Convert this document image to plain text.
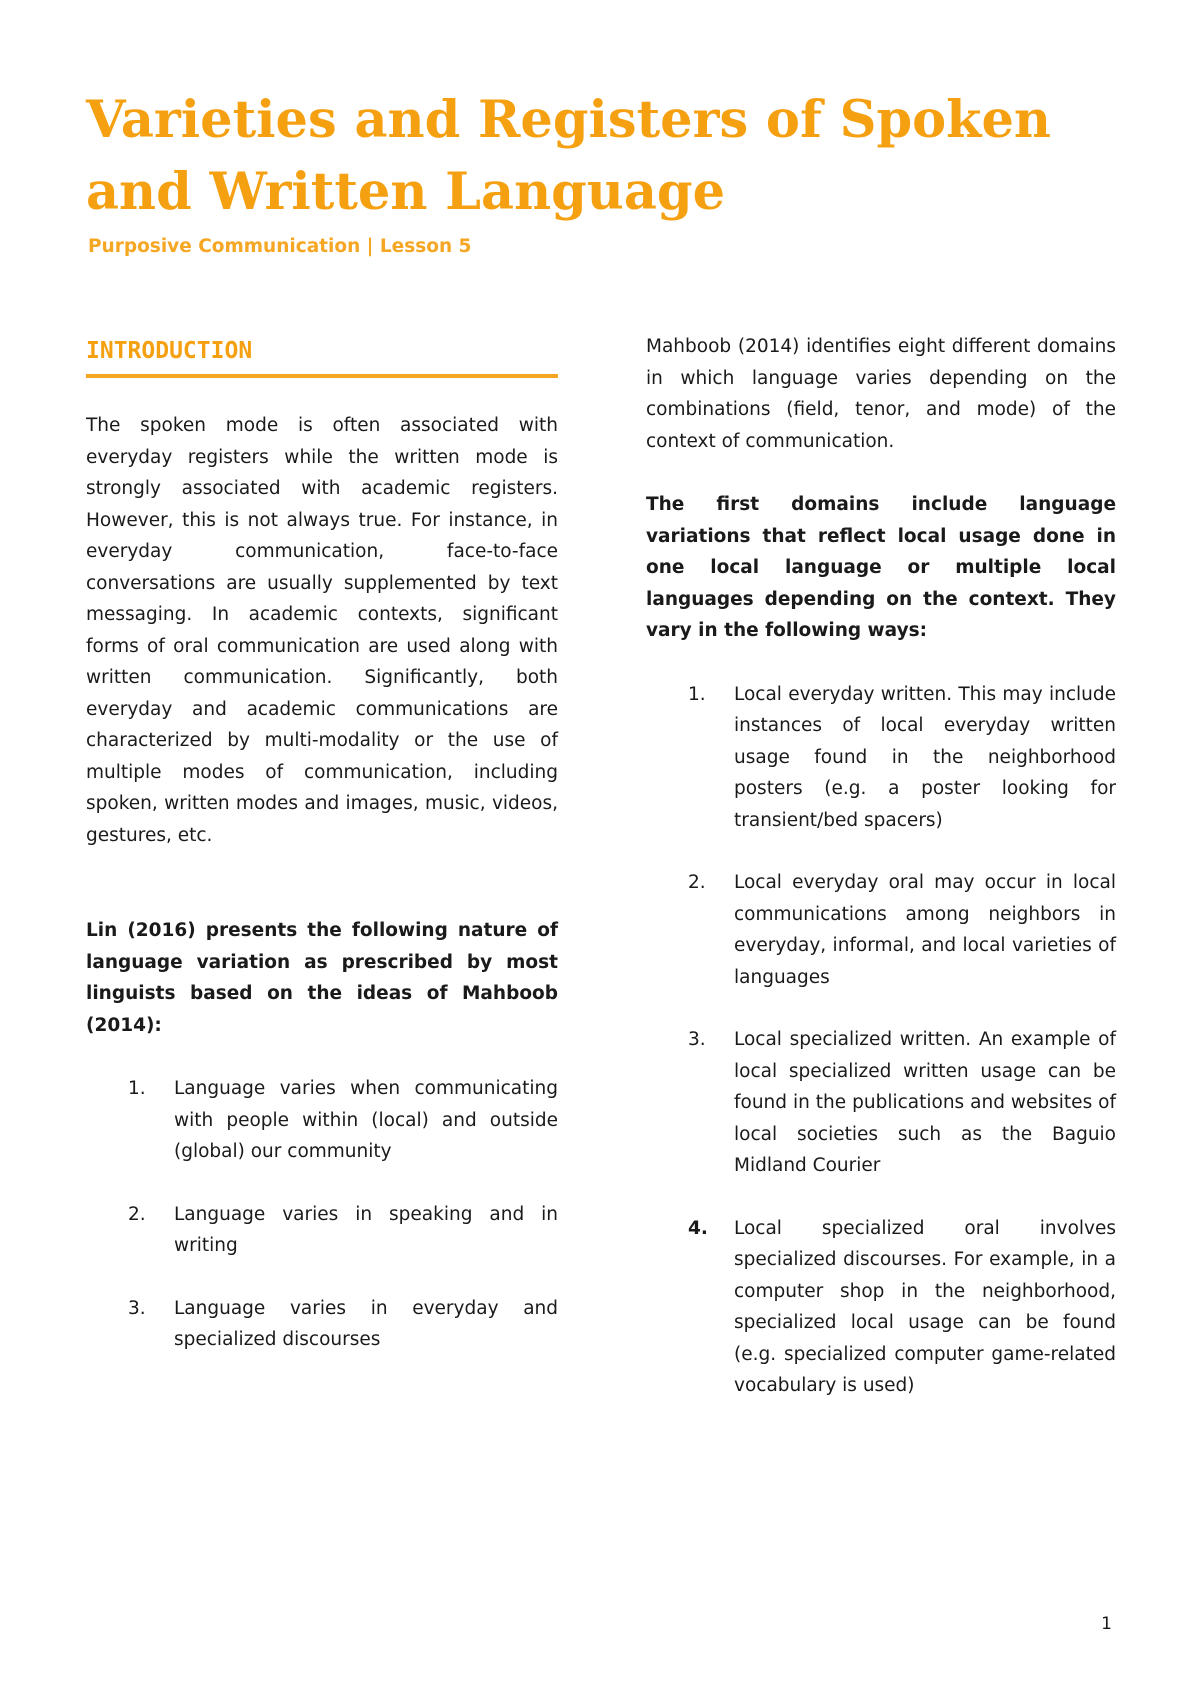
Varieties and Registers of Spoken and Written Language
Purposive Communication | Lesson 5
INTRODUCTION

The spoken mode is often associated with everyday registers while the written mode is strongly associated with academic registers. However, this is not always true. For instance, in everyday communication, face-to-face conversations are usually supplemented by text messaging. In academic contexts, significant forms of oral communication are used along with written communication. Significantly, both everyday and academic communications are characterized by multi-modality or the use of multiple modes of communication, including spoken, written modes and images, music, videos, gestures, etc.

Lin (2016) presents the following nature of language variation as prescribed by most linguists based on the ideas of Mahboob (2014):

1.	Language varies when communicating with people within (local) and outside (global) our community
2.	Language varies in speaking and in writing
3.	Language varies in everyday and specialized discourses

Mahboob (2014) identifies eight different domains in which language varies depending on the combinations (field, tenor, and mode) of the context of communication.

The first domains include language variations that reflect local usage done in one local language or multiple local languages depending on the context. They vary in the following ways:

1.	Local everyday written. This may include instances of local everyday written usage found in the neighborhood posters (e.g. a poster looking for transient/bed spacers)
2.	Local everyday oral may occur in local communications among neighbors in everyday, informal, and local varieties of languages
3.	Local specialized written. An example of local specialized written usage can be found in the publications and websites of local societies such as the Baguio Midland Courier
4.	Local specialized oral involves specialized discourses. For example, in a computer shop in the neighborhood, specialized local usage can be found (e.g. specialized computer game-related vocabulary is used)
1
